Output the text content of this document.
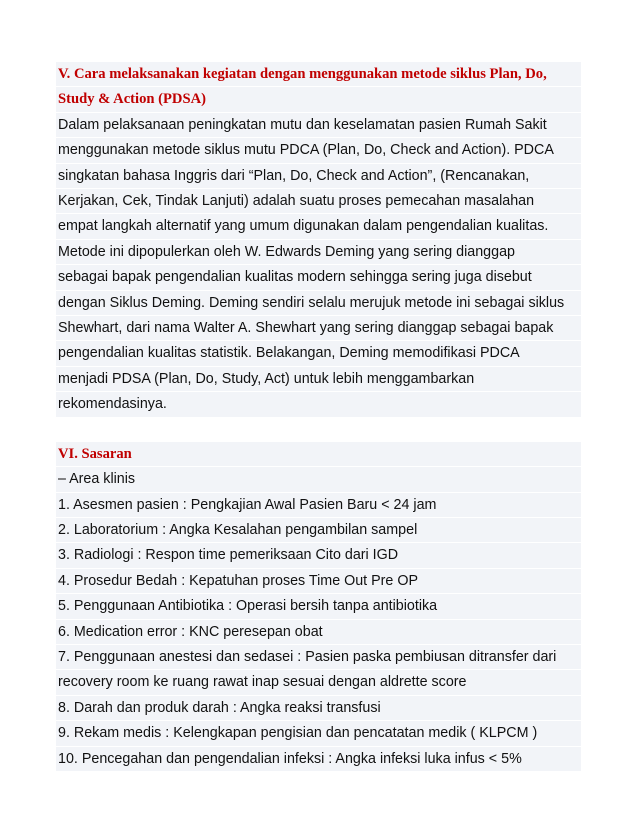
V. Cara melaksanakan kegiatan dengan menggunakan metode siklus Plan, Do,
Study & Action (PDSA)
Dalam pelaksanaan peningkatan mutu dan keselamatan pasien Rumah Sakit
menggunakan metode siklus mutu PDCA (Plan, Do, Check and Action). PDCA
singkatan bahasa Inggris dari “Plan, Do, Check and Action”, (Rencanakan,
Kerjakan, Cek, Tindak Lanjuti) adalah suatu proses pemecahan masalahan
empat langkah alternatif yang umum digunakan dalam pengendalian kualitas.
Metode ini dipopulerkan oleh W. Edwards Deming yang sering dianggap
sebagai bapak pengendalian kualitas modern sehingga sering juga disebut
dengan Siklus Deming. Deming sendiri selalu merujuk metode ini sebagai siklus
Shewhart, dari nama Walter A. Shewhart yang sering dianggap sebagai bapak
pengendalian kualitas statistik. Belakangan, Deming memodifikasi PDCA
menjadi PDSA (Plan, Do, Study, Act) untuk lebih menggambarkan
rekomendasinya.
VI. Sasaran
– Area klinis
1. Asesmen pasien : Pengkajian Awal Pasien Baru < 24 jam
2. Laboratorium : Angka Kesalahan pengambilan sampel
3. Radiologi : Respon time pemeriksaan Cito dari IGD
4. Prosedur Bedah : Kepatuhan proses Time Out Pre OP
5. Penggunaan Antibiotika : Operasi bersih tanpa antibiotika
6. Medication error : KNC peresepan obat
7. Penggunaan anestesi dan sedasei : Pasien paska pembiusan ditransfer dari
recovery room ke ruang rawat inap sesuai dengan aldrette score
8. Darah dan produk darah : Angka reaksi transfusi
9. Rekam medis : Kelengkapan pengisian dan pencatatan medik ( KLPCM )
10. Pencegahan dan pengendalian infeksi : Angka infeksi luka infus < 5%
